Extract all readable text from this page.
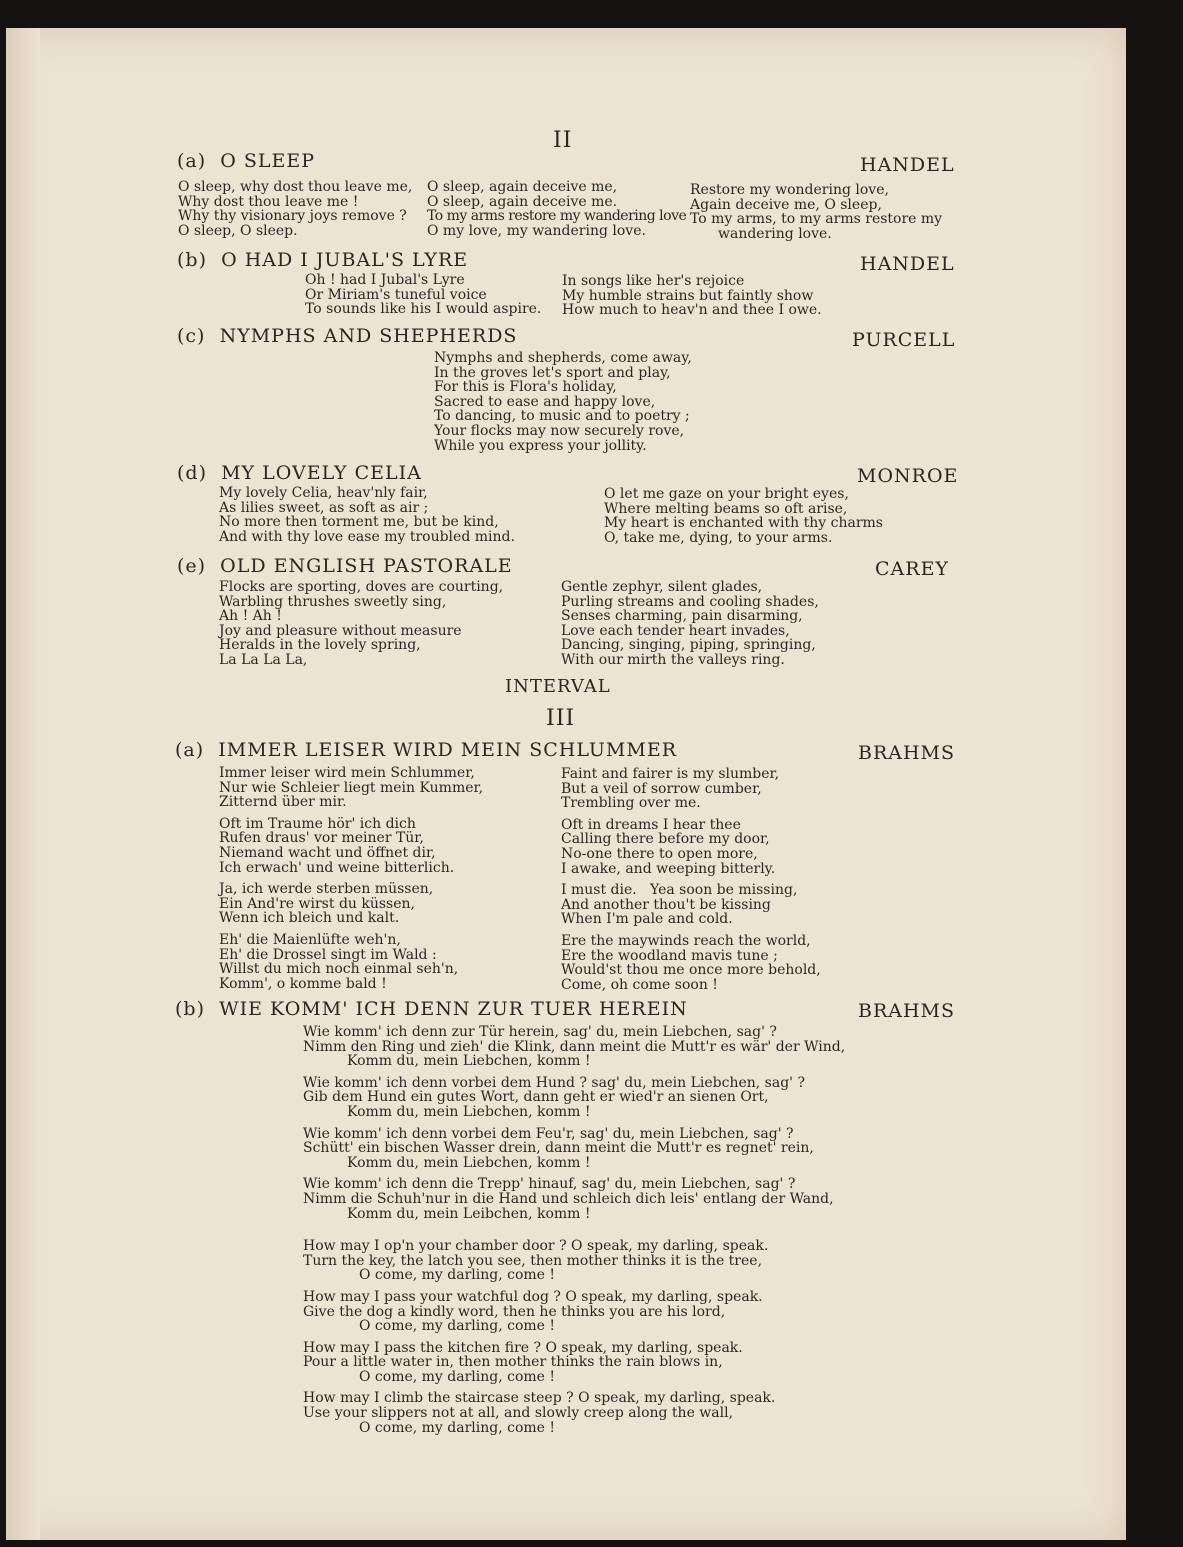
II
(a) O SLEEP	HANDEL
O sleep, why dost thou leave me,
Why dost thou leave me !
Why thy visionary joys remove ?
O sleep, O sleep.
O sleep, again deceive me,
O sleep, again deceive me.
To my arms restore my wandering love
O my love, my wandering love.
Restore my wondering love,
Again deceive me, O sleep,
To my arms, to my arms restore my
wandering love.
(b) O HAD I JUBAL'S LYRE	HANDEL
Oh ! had I Jubal's Lyre
Or Miriam's tuneful voice
To sounds like his I would aspire.
In songs like her's rejoice
My humble strains but faintly show
How much to heav'n and thee I owe.
(c) NYMPHS AND SHEPHERDS	PURCELL
Nymphs and shepherds, come away,
In the groves let's sport and play,
For this is Flora's holiday,
Sacred to ease and happy love,
To dancing, to music and to poetry ;
Your flocks may now securely rove,
While you express your jollity.
(d) MY LOVELY CELIA	MONROE
My lovely Celia, heav'nly fair,
As lilies sweet, as soft as air ;
No more then torment me, but be kind,
And with thy love ease my troubled mind.
O let me gaze on your bright eyes,
Where melting beams so oft arise,
My heart is enchanted with thy charms
O, take me, dying, to your arms.
(e) OLD ENGLISH PASTORALE	CAREY
Flocks are sporting, doves are courting,
Warbling thrushes sweetly sing,
Ah ! Ah !
Joy and pleasure without measure
Heralds in the lovely spring,
La La La La,
Gentle zephyr, silent glades,
Purling streams and cooling shades,
Senses charming, pain disarming,
Love each tender heart invades,
Dancing, singing, piping, springing,
With our mirth the valleys ring.
INTERVAL
III
(a) IMMER LEISER WIRD MEIN SCHLUMMER	BRAHMS
Immer leiser wird mein Schlummer,
Nur wie Schleier liegt mein Kummer,
Zitternd über mir.
Oft im Traume hör' ich dich
Rufen draus' vor meiner Tür,
Niemand wacht und öffnet dir,
Ich erwach' und weine bitterlich.
Ja, ich werde sterben müssen,
Ein And're wirst du küssen,
Wenn ich bleich und kalt.
Eh' die Maienlüfte weh'n,
Eh' die Drossel singt im Wald :
Willst du mich noch einmal seh'n,
Komm', o komme bald !
Faint and fairer is my slumber,
But a veil of sorrow cumber,
Trembling over me.
Oft in dreams I hear thee
Calling there before my door,
No-one there to open more,
I awake, and weeping bitterly.
I must die.   Yea soon be missing,
And another thou't be kissing
When I'm pale and cold.
Ere the maywinds reach the world,
Ere the woodland mavis tune ;
Would'st thou me once more behold,
Come, oh come soon !
(b) WIE KOMM' ICH DENN ZUR TUER HEREIN	BRAHMS
Wie komm' ich denn zur Tür herein, sag' du, mein Liebchen, sag' ?
Nimm den Ring und zieh' die Klink, dann meint die Mutt'r es wär' der Wind,
Komm du, mein Liebchen, komm !
Wie komm' ich denn vorbei dem Hund ? sag' du, mein Liebchen, sag' ?
Gib dem Hund ein gutes Wort, dann geht er wied'r an sienen Ort,
Komm du, mein Liebchen, komm !
Wie komm' ich denn vorbei dem Feu'r, sag' du, mein Liebchen, sag' ?
Schütt' ein bischen Wasser drein, dann meint die Mutt'r es regnet' rein,
Komm du, mein Liebchen, komm !
Wie komm' ich denn die Trepp' hinauf, sag' du, mein Liebchen, sag' ?
Nimm die Schuh'nur in die Hand und schleich dich leis' entlang der Wand,
Komm du, mein Leibchen, komm !
How may I op'n your chamber door ? O speak, my darling, speak.
Turn the key, the latch you see, then mother thinks it is the tree,
O come, my darling, come !
How may I pass your watchful dog ? O speak, my darling, speak.
Give the dog a kindly word, then he thinks you are his lord,
O come, my darling, come !
How may I pass the kitchen fire ? O speak, my darling, speak.
Pour a little water in, then mother thinks the rain blows in,
O come, my darling, come !
How may I climb the staircase steep ? O speak, my darling, speak.
Use your slippers not at all, and slowly creep along the wall,
O come, my darling, come !
